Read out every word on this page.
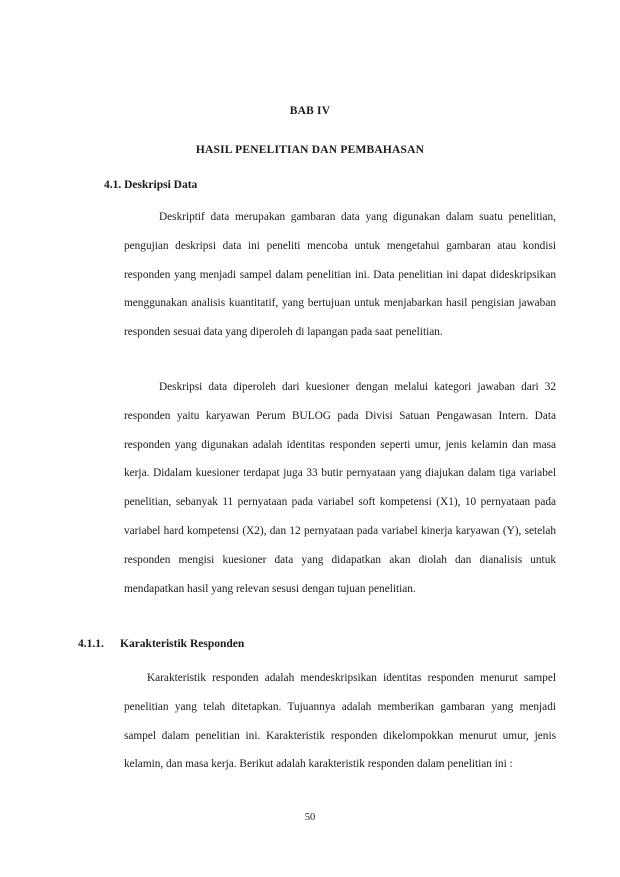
BAB IV
HASIL PENELITIAN DAN PEMBAHASAN
4.1. Deskripsi Data

Deskriptif data merupakan gambaran data yang digunakan dalam suatu penelitian, pengujian deskripsi data ini peneliti mencoba untuk mengetahui gambaran atau kondisi responden yang menjadi sampel dalam penelitian ini. Data penelitian ini dapat dideskripsikan menggunakan analisis kuantitatif, yang bertujuan untuk menjabarkan hasil pengisian jawaban responden sesuai data yang diperoleh di lapangan pada saat penelitian.

Deskripsi data diperoleh dari kuesioner dengan melalui kategori jawaban dari 32 responden yaitu karyawan Perum BULOG pada Divisi Satuan Pengawasan Intern. Data responden yang digunakan adalah identitas responden seperti umur, jenis kelamin dan masa kerja. Didalam kuesioner terdapat juga 33 butir pernyataan yang diajukan dalam tiga variabel penelitian, sebanyak 11 pernyataan pada variabel soft kompetensi (X1), 10 pernyataan pada variabel hard kompetensi (X2), dan 12 pernyataan pada variabel kinerja karyawan (Y), setelah responden mengisi kuesioner data yang didapatkan akan diolah dan dianalisis untuk mendapatkan hasil yang relevan sesusi dengan tujuan penelitian.

4.1.1. Karakteristik Responden

Karakteristik responden adalah mendeskripsikan identitas responden menurut sampel penelitian yang telah ditetapkan. Tujuannya adalah memberikan gambaran yang menjadi sampel dalam penelitian ini. Karakteristik responden dikelompokkan menurut umur, jenis kelamin, dan masa kerja. Berikut adalah karakteristik responden dalam penelitian ini :

50
